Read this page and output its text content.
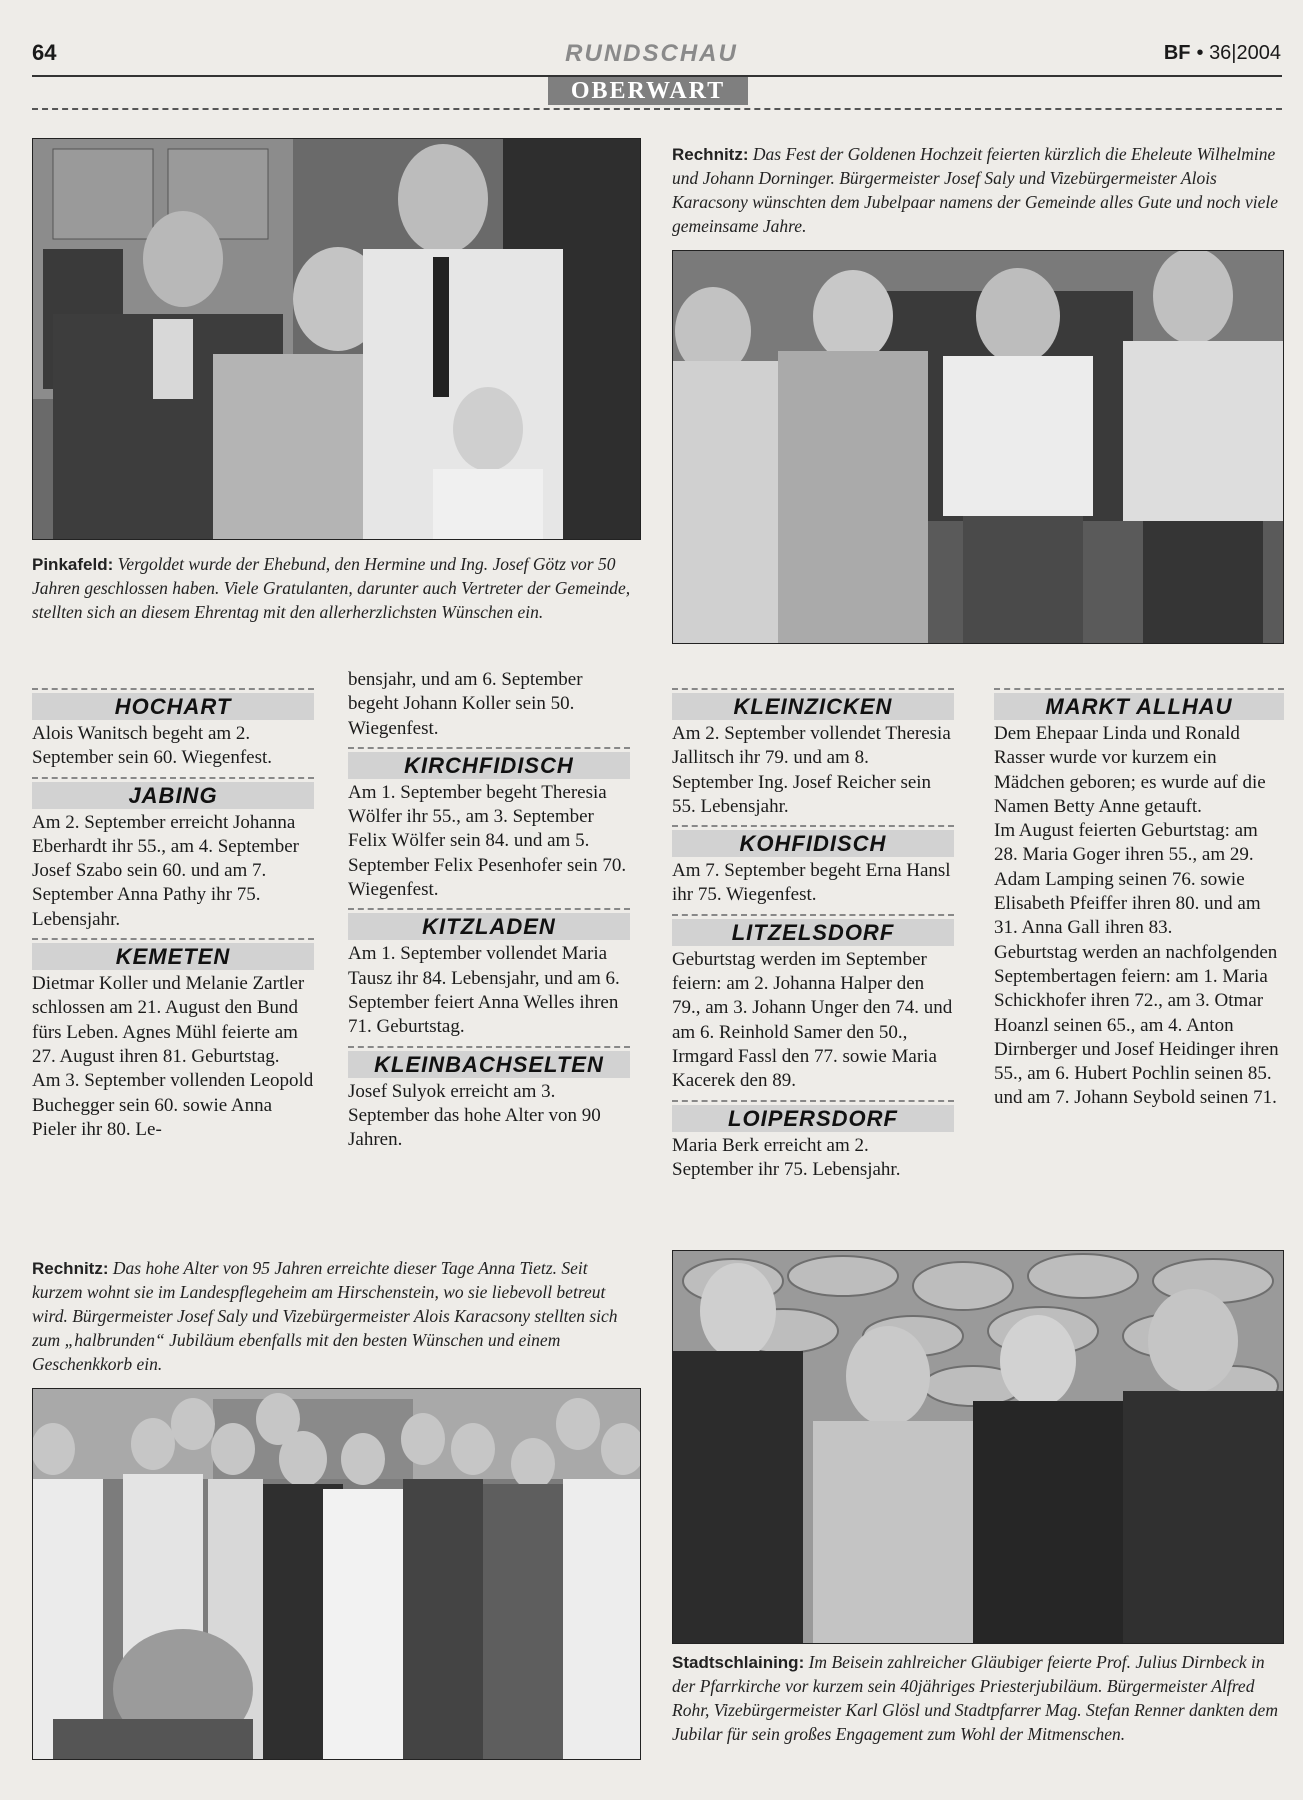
64	RUNDSCHAU	BF • 36|2004
OBERWART
Rechnitz: Das Fest der Goldenen Hochzeit feierten kürzlich die Eheleute Wilhelmine und Johann Dorninger. Bürgermeister Josef Saly und Vizebürgermeister Alois Karacsony wünschten dem Jubelpaar namens der Gemeinde alles Gute und noch viele gemeinsame Jahre.
Pinkafeld: Vergoldet wurde der Ehebund, den Hermine und Ing. Josef Götz vor 50 Jahren geschlossen haben. Viele Gratulanten, darunter auch Vertreter der Gemeinde, stellten sich an diesem Ehrentag mit den allerherzlichsten Wünschen ein.
HOCHART

Alois Wanitsch begeht am 2. September sein 60. Wiegenfest.

JABING

Am 2. September erreicht Johanna Eberhardt ihr 55., am 4. September Josef Szabo sein 60. und am 7. September Anna Pathy ihr 75. Lebensjahr.

KEMETEN

Dietmar Koller und Melanie Zartler schlossen am 21. August den Bund fürs Leben. Agnes Mühl feierte am 27. August ihren 81. Geburtstag.

Am 3. September vollenden Leopold Buchegger sein 60. sowie Anna Pieler ihr 80. Le-

bensjahr, und am 6. September begeht Johann Koller sein 50. Wiegenfest.

KIRCHFIDISCH

Am 1. September begeht Theresia Wölfer ihr 55., am 3. September Felix Wölfer sein 84. und am 5. September Felix Pesenhofer sein 70. Wiegenfest.

KITZLADEN

Am 1. September vollendet Maria Tausz ihr 84. Lebensjahr, und am 6. September feiert Anna Welles ihren 71. Geburtstag.

KLEINBACHSELTEN

Josef Sulyok erreicht am 3. September das hohe Alter von 90 Jahren.

KLEINZICKEN

Am 2. September vollendet Theresia Jallitsch ihr 79. und am 8. September Ing. Josef Reicher sein 55. Lebensjahr.

KOHFIDISCH

Am 7. September begeht Erna Hansl ihr 75. Wiegenfest.

LITZELSDORF

Geburtstag werden im September feiern: am 2. Johanna Halper den 79., am 3. Johann Unger den 74. und am 6. Reinhold Samer den 50., Irmgard Fassl den 77. sowie Maria Kacerek den 89.

LOIPERSDORF

Maria Berk erreicht am 2. September ihr 75. Lebensjahr.

MARKT ALLHAU

Dem Ehepaar Linda und Ronald Rasser wurde vor kurzem ein Mädchen geboren; es wurde auf die Namen Betty Anne getauft.

Im August feierten Geburtstag: am 28. Maria Goger ihren 55., am 29. Adam Lamping seinen 76. sowie Elisabeth Pfeiffer ihren 80. und am 31. Anna Gall ihren 83.

Geburtstag werden an nachfolgenden Septembertagen feiern: am 1. Maria Schickhofer ihren 72., am 3. Otmar Hoanzl seinen 65., am 4. Anton Dirnberger und Josef Heidinger ihren 55., am 6. Hubert Pochlin seinen 85. und am 7. Johann Seybold seinen 71.

Rechnitz: Das hohe Alter von 95 Jahren erreichte dieser Tage Anna Tietz. Seit kurzem wohnt sie im Landespflegeheim am Hirschenstein, wo sie liebevoll betreut wird. Bürgermeister Josef Saly und Vizebürgermeister Alois Karacsony stellten sich zum „halbrunden“ Jubiläum ebenfalls mit den besten Wünschen und einem Geschenkkorb ein.
Stadtschlaining: Im Beisein zahlreicher Gläubiger feierte Prof. Julius Dirnbeck in der Pfarrkirche vor kurzem sein 40jähriges Priesterjubiläum. Bürgermeister Alfred Rohr, Vizebürgermeister Karl Glösl und Stadtpfarrer Mag. Stefan Renner dankten dem Jubilar für sein großes Engagement zum Wohl der Mitmenschen.
